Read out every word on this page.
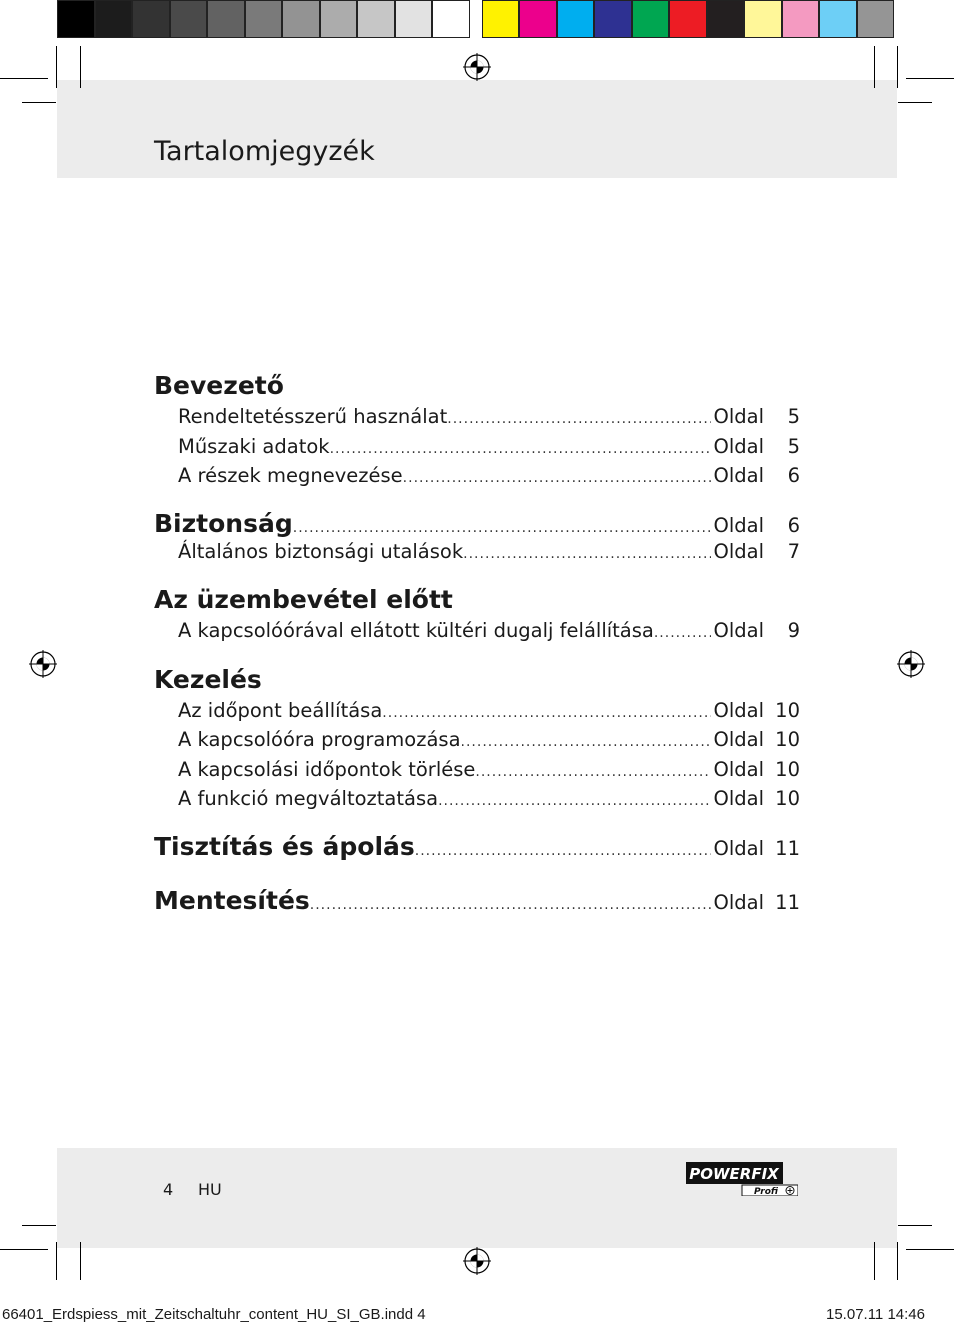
Tartalomjegyzék
Bevezető
Rendeltetésszerű használat .....	Oldal	5
Műszaki adatok .....	Oldal	5
A részek megnevezése .....	Oldal	6
Biztonság .....	Oldal	6
Általános biztonsági utalások .....	Oldal	7
Az üzembevétel előtt
A kapcsolóórával ellátott kültéri dugalj felállítása .....	Oldal	9
Kezelés
Az időpont beállítása .....	Oldal 10
A kapcsolóóra programozása .....	Oldal 10
A kapcsolási időpontok törlése .....	Oldal 10
A funkció megváltoztatása .....	Oldal 10
Tisztítás és ápolás .....	Oldal 11
Mentesítés .....	Oldal 11
4 HU
POWERFIX
Profi
66401_Erdspiess_mit_Zeitschaltuhr_content_HU_SI_GB.indd 4	15.07.11 14:46
